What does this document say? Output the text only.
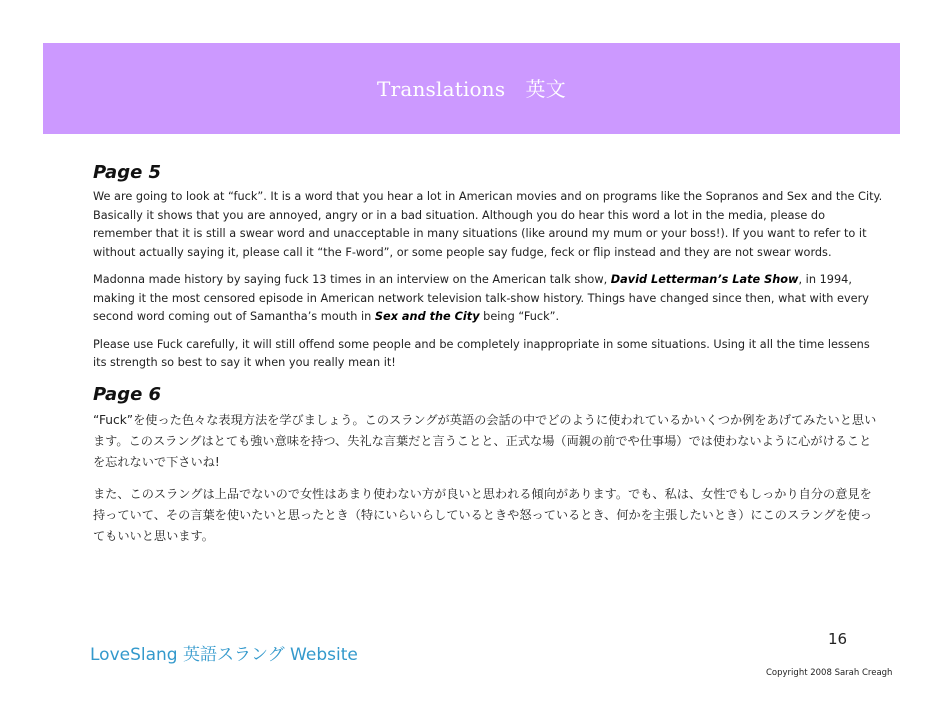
Translations　英文
Page 5

We are going to look at “fuck”. It is a word that you hear a lot in American movies and on programs like the Sopranos and Sex and the City. Basically it shows that you are annoyed, angry or in a bad situation. Although you do hear this word a lot in the media, please do remember that it is still a swear word and unacceptable in many situations (like around my mum or your boss!). If you want to refer to it without actually saying it, please call it “the F-word”, or some people say fudge, feck or flip instead and they are not swear words.

Madonna made history by saying fuck 13 times in an interview on the American talk show, David Letterman’s Late Show, in 1994, making it the most censored episode in American network television talk-show history. Things have changed since then, what with every second word coming out of Samantha’s mouth in Sex and the City being “Fuck”.

Please use Fuck carefully, it will still offend some people and be completely inappropriate in some situations. Using it all the time lessens its strength so best to say it when you really mean it!

Page 6

“Fuck”を使った色々な表現方法を学びましょう。このスラングが英語の会話の中でどのように使われているかいくつか例をあげてみたいと思います。このスラングはとても強い意味を持つ、失礼な言葉だと言うことと、正式な場（両親の前でや仕事場）では使わないように心がけることを忘れないで下さいね!

また、このスラングは上品でないので女性はあまり使わない方が良いと思われる傾向があります。でも、私は、女性でもしっかり自分の意見を持っていて、その言葉を使いたいと思ったとき（特にいらいらしているときや怒っているとき、何かを主張したいとき）にこのスラングを使ってもいいと思います。

LoveSlang 英語スラング Website
16
Copyright 2008 Sarah Creagh
